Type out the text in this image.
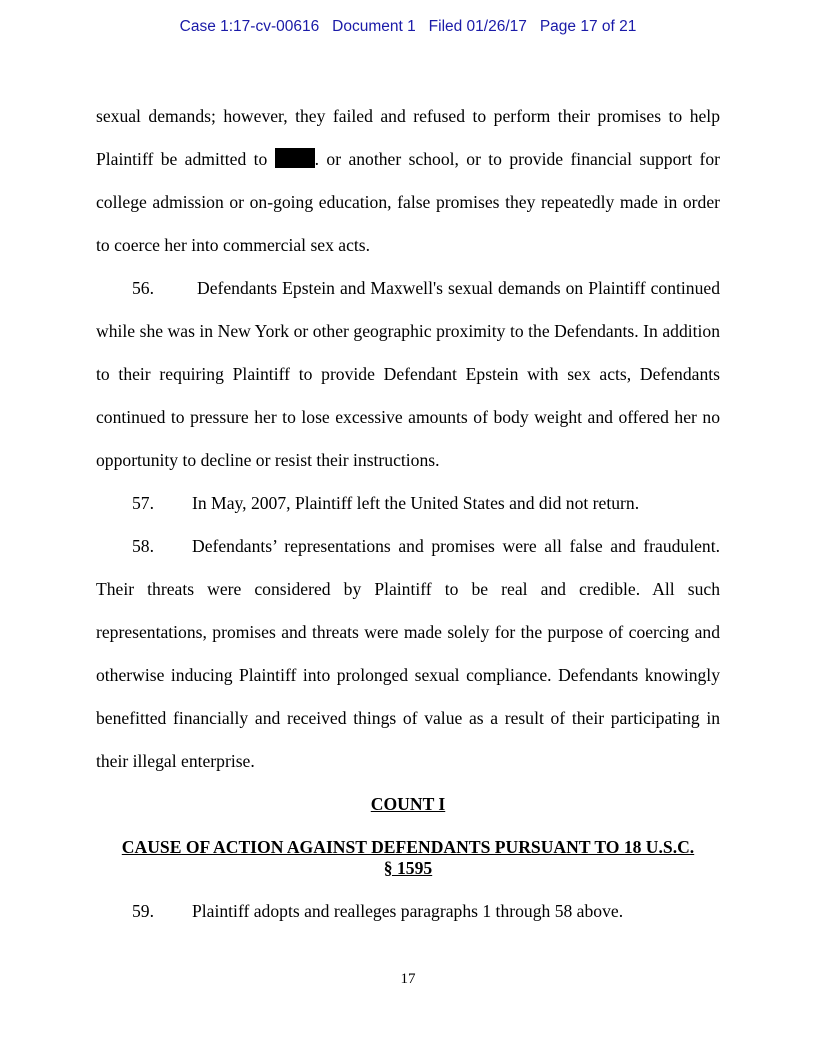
Case 1:17-cv-00616 Document 1 Filed 01/26/17 Page 17 of 21

sexual demands; however, they failed and refused to perform their promises to help Plaintiff be admitted to	. or another school, or to provide financial support for college admission or on-going education, false promises they repeatedly made in order to coerce her into commercial sex acts.

56. Defendants Epstein and Maxwell's sexual demands on Plaintiff continued while she was in New York or other geographic proximity to the Defendants. In addition to their requiring Plaintiff to provide Defendant Epstein with sex acts, Defendants continued to pressure her to lose excessive amounts of body weight and offered her no opportunity to decline or resist their instructions.

57. In May, 2007, Plaintiff left the United States and did not return.

58. Defendants’ representations and promises were all false and fraudulent. Their threats were considered by Plaintiff to be real and credible. All such representations, promises and threats were made solely for the purpose of coercing and otherwise inducing Plaintiff into prolonged sexual compliance. Defendants knowingly benefitted financially and received things of value as a result of their participating in their illegal enterprise.

COUNT I
CAUSE OF ACTION AGAINST DEFENDANTS PURSUANT TO 18 U.S.C.
§ 1595

59. Plaintiff adopts and realleges paragraphs 1 through 58 above.

17
